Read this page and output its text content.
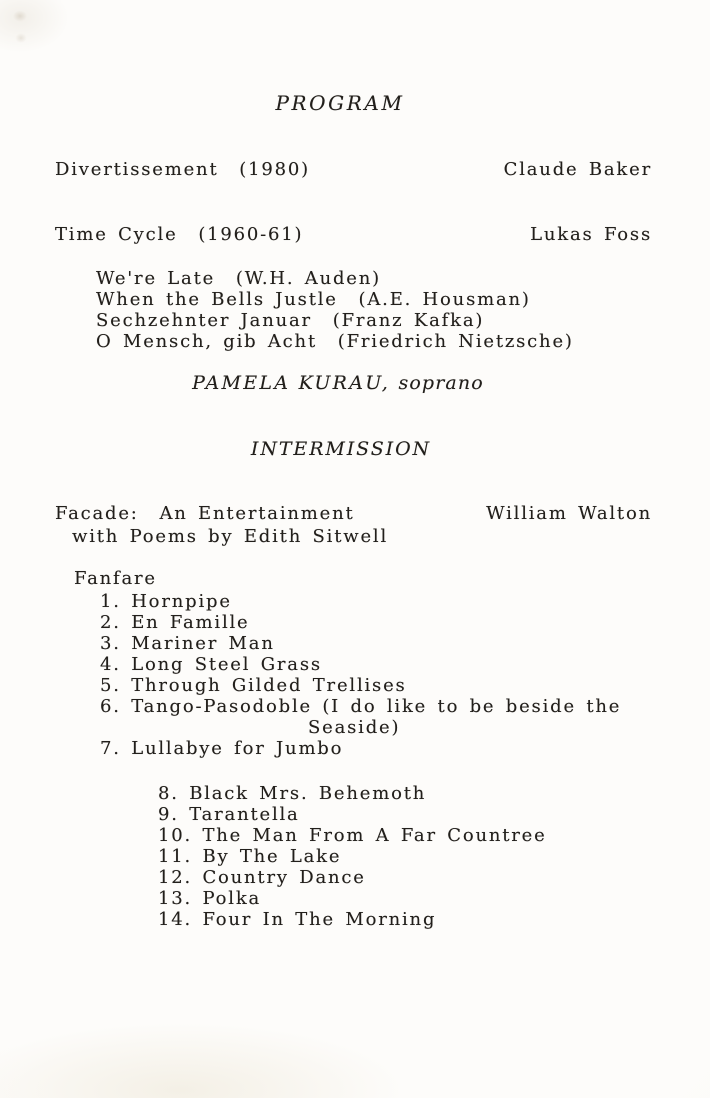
PROGRAM
Divertissement  (1980)	Claude Baker
Time Cycle  (1960-61)	Lukas Foss
We're Late  (W.H. Auden)
When the Bells Justle  (A.E. Housman)
Sechzehnter Januar  (Franz Kafka)
O Mensch, gib Acht  (Friedrich Nietzsche)
PAMELA KURAU, soprano
INTERMISSION
Facade:  An Entertainment
with Poems by Edith Sitwell
William Walton
Fanfare
1. Hornpipe
2. En Famille
3. Mariner Man
4. Long Steel Grass
5. Through Gilded Trellises
6. Tango-Pasodoble (I do like to be beside the
Seaside)
7. Lullabye for Jumbo
8. Black Mrs. Behemoth
9. Tarantella
10. The Man From A Far Countree
11. By The Lake
12. Country Dance
13. Polka
14. Four In The Morning
